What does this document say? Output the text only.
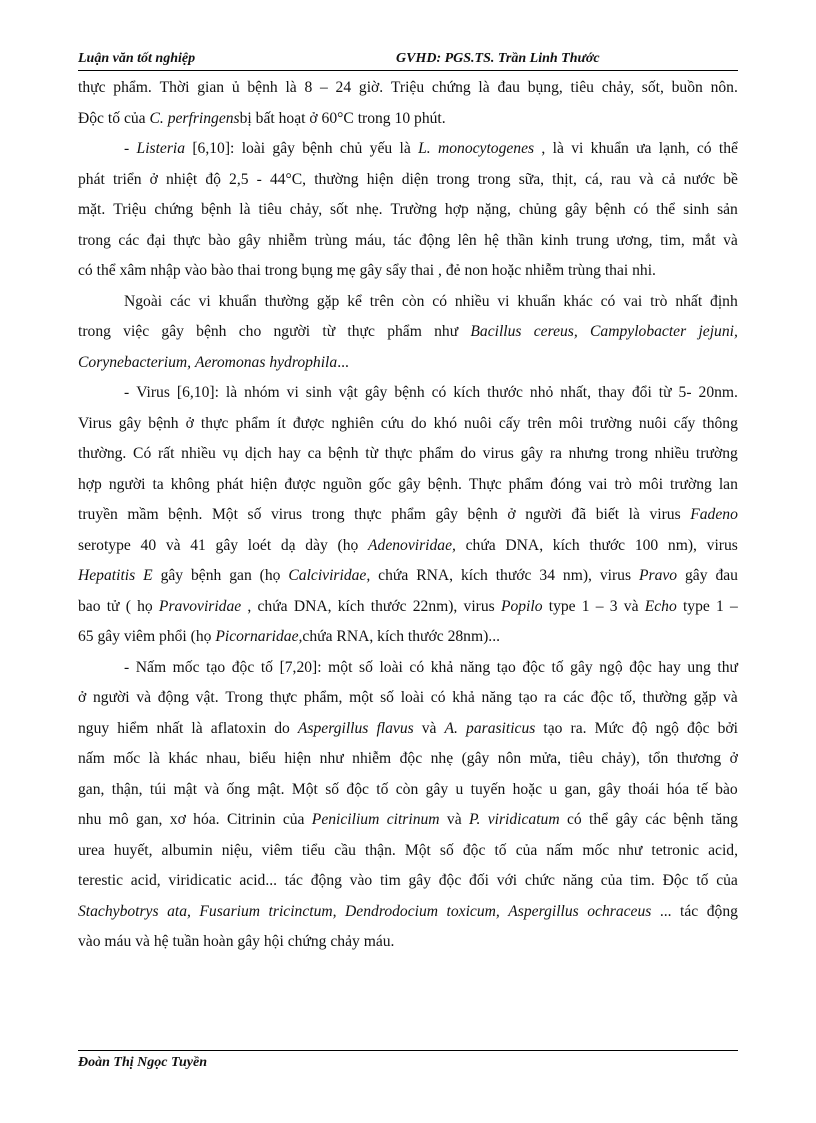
Luận văn tốt nghiệp	GVHD: PGS.TS. Trần Linh Thước
thực phẩm. Thời gian ủ bệnh là 8 – 24 giờ. Triệu chứng là đau bụng, tiêu chảy, sốt, buồn nôn.
Độc
tố
của
C.
perfringens bị
bất
hoạt
ở
60°C
trong
10
phút.
- Listeria [6,10]: loài gây bệnh chủ yếu là L. monocytogenes , là vi khuẩn ưa lạnh, có thể
phát triển ở nhiệt độ 2,5 - 44°C, thường hiện diện trong trong sữa, thịt, cá, rau và cả nước bề
mặt. Triệu chứng bệnh là tiêu chảy, sốt nhẹ. Trường hợp nặng, chủng gây bệnh có thể sinh sản
trong các đại thực bào gây nhiễm trùng máu, tác động lên hệ thần kinh trung ương, tim, mắt và
có
thể
xâm
nhập
vào
bào
thai
trong
bụng
mẹ
gây
sẩy
thai
,
đẻ
non
hoặc
nhiễm
trùng
thai
nhi.
Ngoài các vi khuẩn thường gặp kể trên còn có nhiều vi khuẩn khác có vai trò nhất định
trong việc gây bệnh cho người từ thực phẩm như Bacillus cereus, Campylobacter jejuni,
Corynebacterium,
Aeromonas
hydrophila ...
- Virus [6,10]: là nhóm vi sinh vật gây bệnh có kích thước nhỏ nhất, thay đổi từ 5- 20nm.
Virus gây bệnh ở thực phẩm ít được nghiên cứu do khó nuôi cấy trên môi trường nuôi cấy thông
thường. Có rất nhiều vụ dịch hay ca bệnh từ thực phẩm do virus gây ra nhưng trong nhiều trường
hợp người ta không phát hiện được nguồn gốc gây bệnh. Thực phẩm đóng vai trò môi trường lan
truyền mầm bệnh. Một số virus trong thực phẩm gây bệnh ở người đã biết là virus Fadeno
serotype 40 và 41 gây loét dạ dày (họ Adenoviridae, chứa DNA, kích thước 100 nm), virus
Hepatitis E gây bệnh gan (họ Calciviridae, chứa RNA, kích thước 34 nm), virus Pravo gây đau
bao tử ( họ Pravoviridae , chứa DNA, kích thước 22nm), virus Popilo type 1 – 3 và Echo type 1 –
65
gây
viêm
phổi
(họ
Picornaridae, chứa
RNA,
kích
thước
28nm)...
- Nấm mốc tạo độc tố [7,20]: một số loài có khả năng tạo độc tố gây ngộ độc hay ung thư
ở người và động vật. Trong thực phẩm, một số loài có khả năng tạo ra các độc tố, thường gặp và
nguy hiểm nhất là aflatoxin do Aspergillus flavus và A. parasiticus tạo ra. Mức độ ngộ độc bởi
nấm mốc là khác nhau, biểu hiện như nhiễm độc nhẹ (gây nôn mửa, tiêu chảy), tổn thương ở
gan, thận, túi mật và ống mật. Một số độc tố còn gây u tuyến hoặc u gan, gây thoái hóa tế bào
nhu mô gan, xơ hóa. Citrinin của Penicilium citrinum và P. viridicatum có thể gây các bệnh tăng
urea huyết, albumin niệu, viêm tiểu cầu thận. Một số độc tố của nấm mốc như tetronic acid,
terestic acid, viridicatic acid... tác động vào tim gây độc đối với chức năng của tim. Độc tố của
Stachybotrys ata, Fusarium tricinctum, Dendrodocium toxicum, Aspergillus ochraceus ... tác động
vào
máu
và
hệ
tuần
hoàn
gây
hội
chứng
chảy
máu.
Đoàn Thị Ngọc Tuyền
